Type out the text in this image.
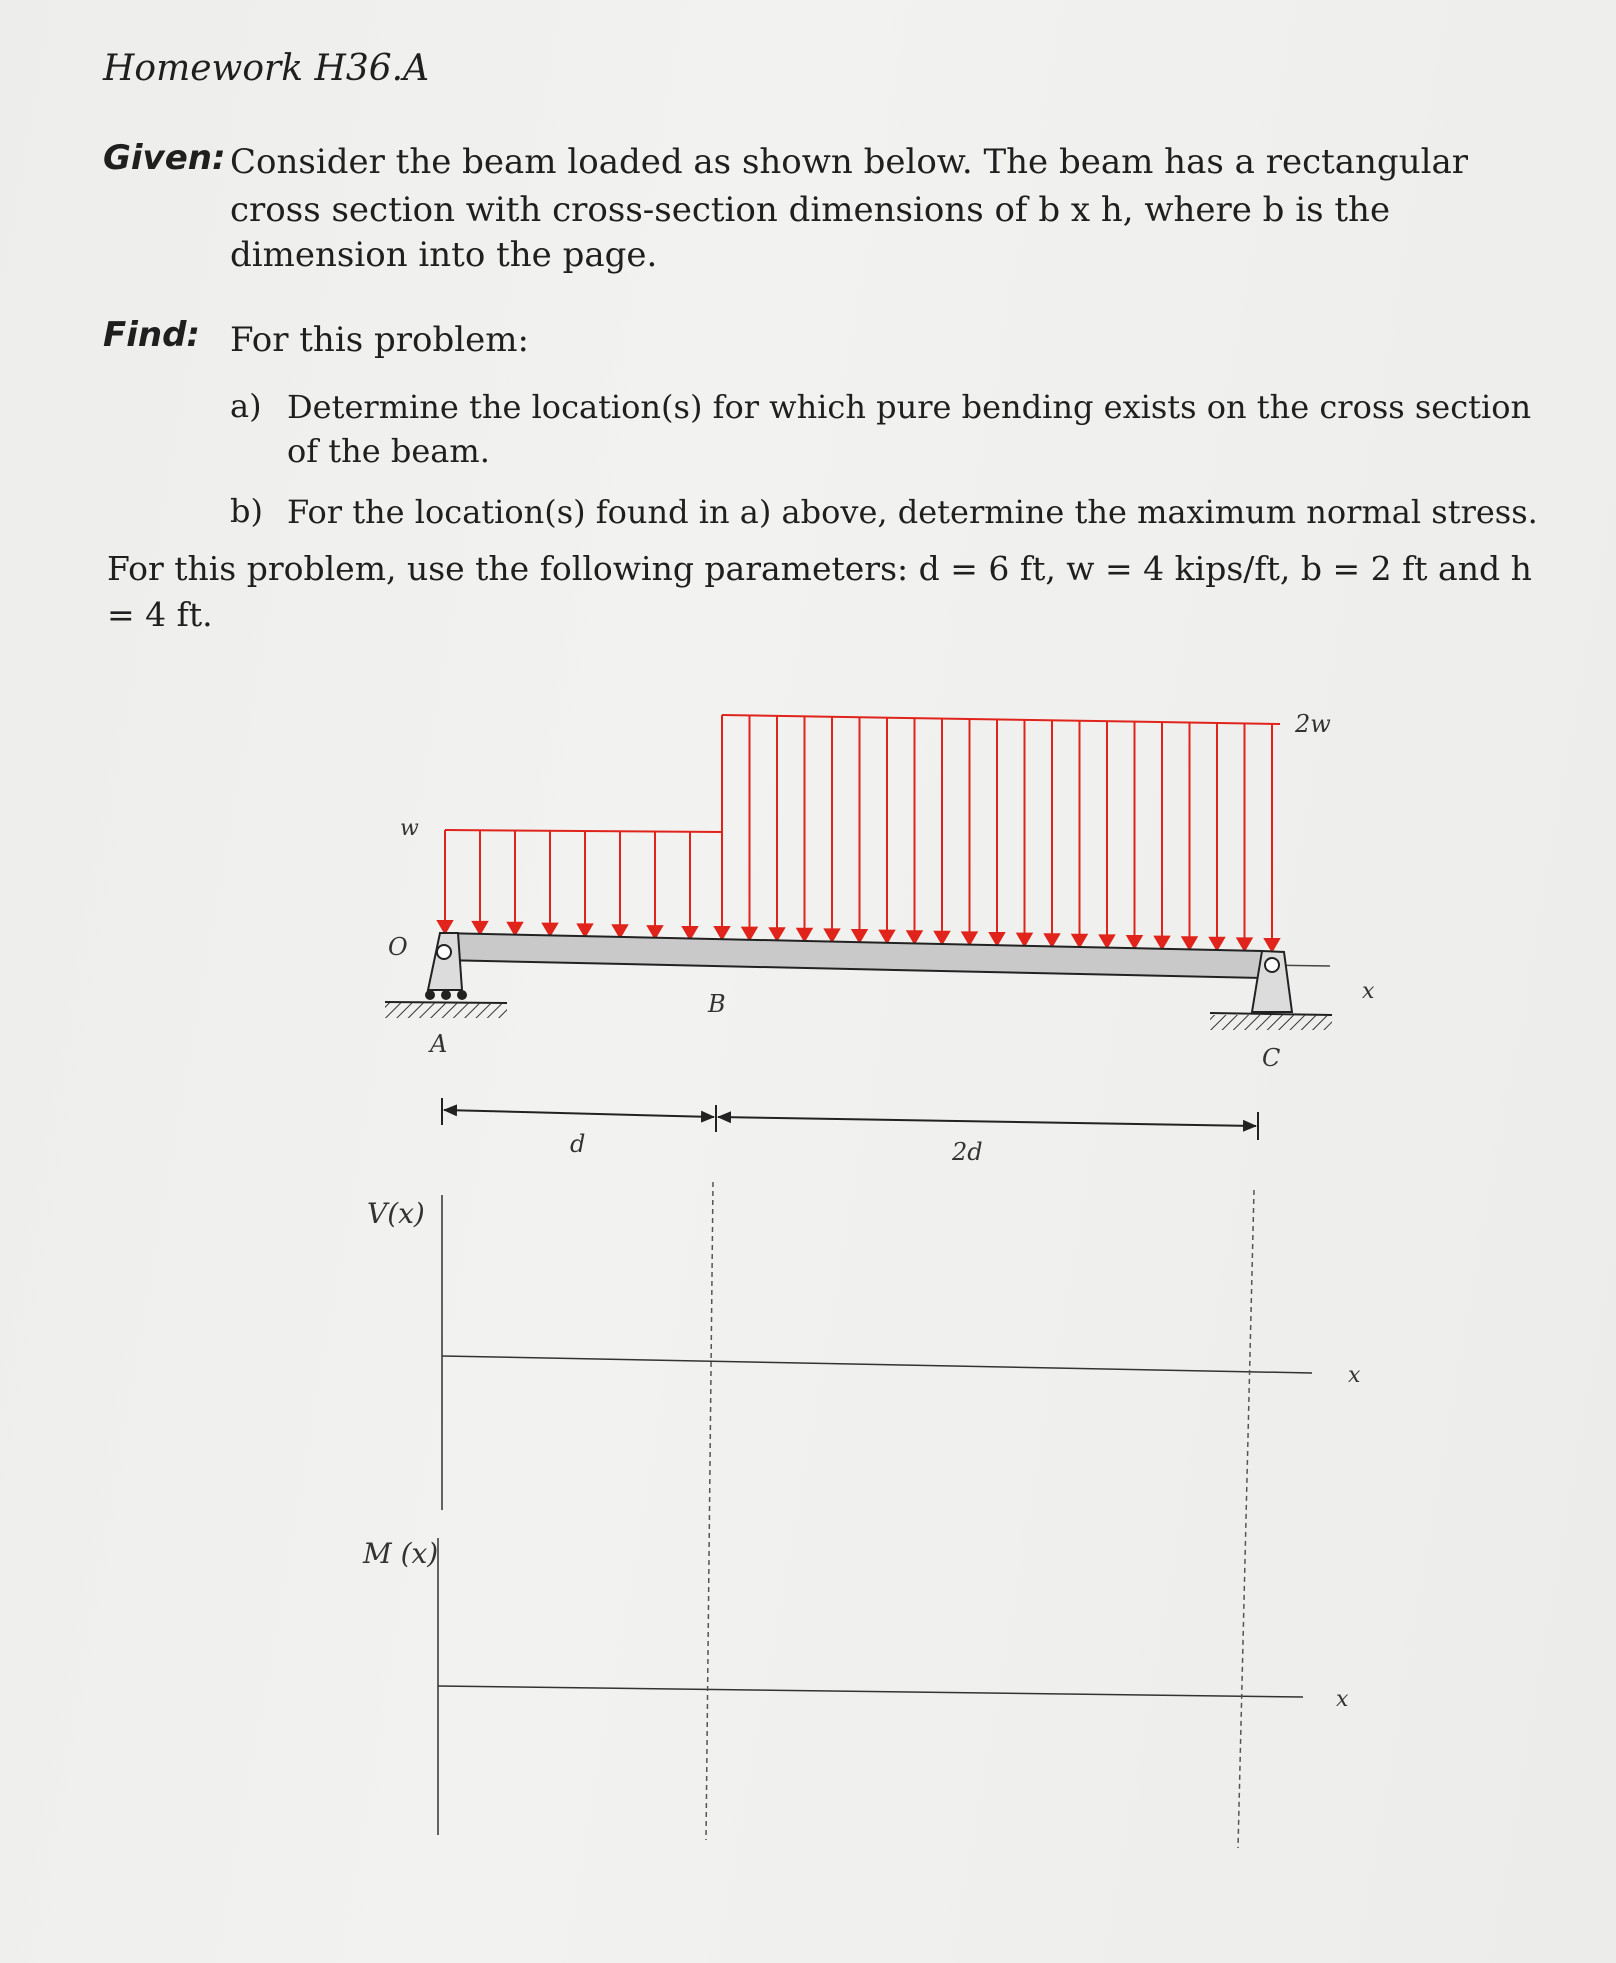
Homework H36.A
Given: Consider the beam loaded as shown below. The beam has a rectangular
cross section with cross-section dimensions of b x h, where b is the
dimension into the page.
Find: For this problem:
a) Determine the location(s) for which pure bending exists on the cross section
of the beam.
b) For the location(s) found in a) above, determine the maximum normal stress.
For this problem, use the following parameters: d = 6 ft, w = 4 kips/ft, b = 2 ft and h
= 4 ft.
w
2w
x
O
A
B
C
d	2d
V(x)
x
M (x)
x
